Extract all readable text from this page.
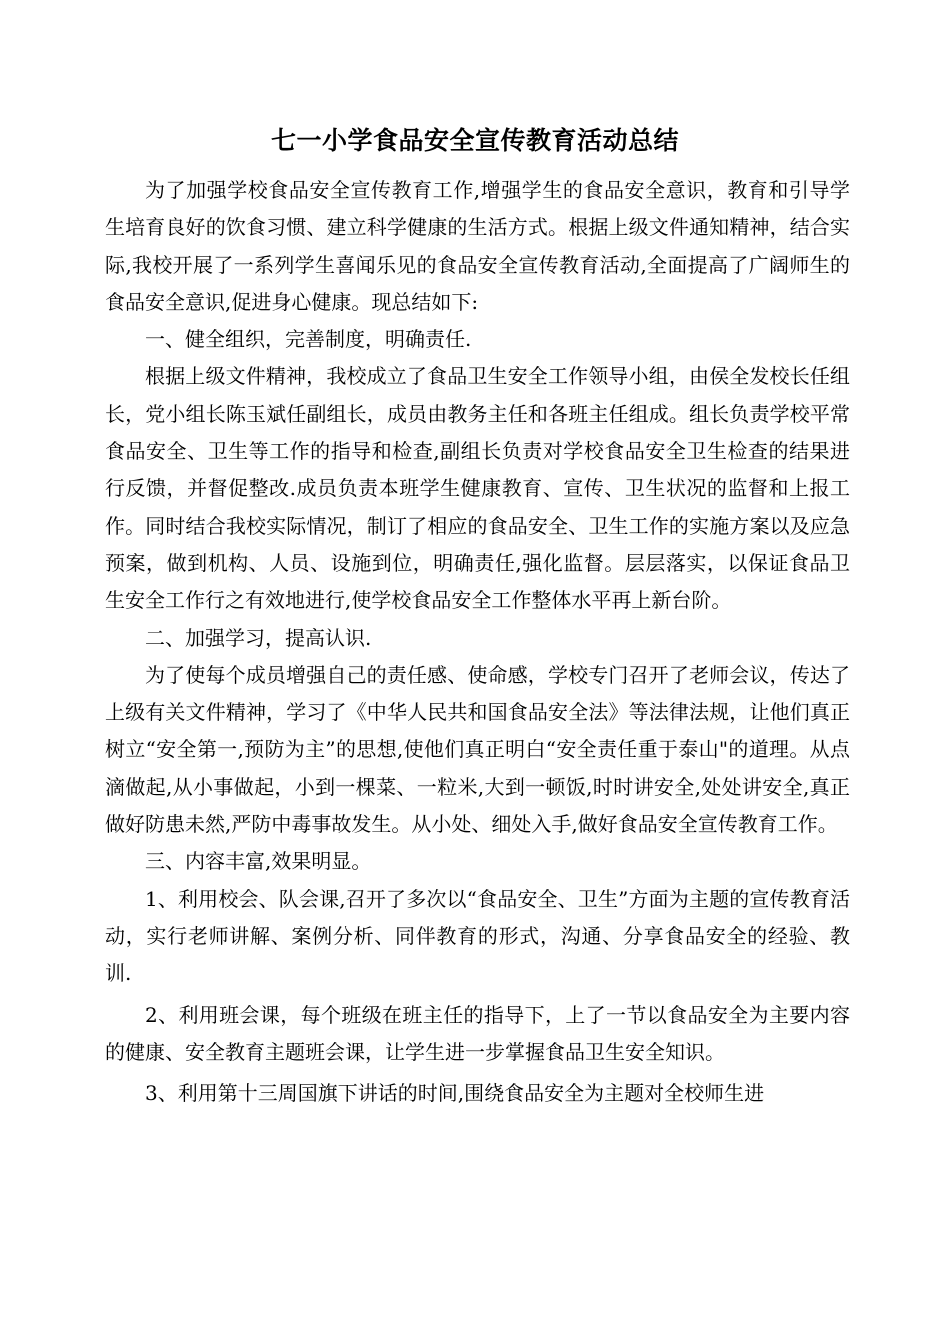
七一小学食品安全宣传教育活动总结

为了加强学校食品安全宣传教育工作,增强学生的食品安全意识，教育和引导学生培育良好的饮食习惯、建立科学健康的生活方式。根据上级文件通知精神，结合实际,我校开展了一系列学生喜闻乐见的食品安全宣传教育活动,全面提高了广阔师生的食品安全意识,促进身心健康。现总结如下:

一、健全组织，完善制度，明确责任.

根据上级文件精神，我校成立了食品卫生安全工作领导小组，由侯全发校长任组长，党小组长陈玉斌任副组长，成员由教务主任和各班主任组成。组长负责学校平常食品安全、卫生等工作的指导和检查,副组长负责对学校食品安全卫生检查的结果进行反馈，并督促整改.成员负责本班学生健康教育、宣传、卫生状况的监督和上报工作。同时结合我校实际情况，制订了相应的食品安全、卫生工作的实施方案以及应急预案，做到机构、人员、设施到位，明确责任,强化监督。层层落实，以保证食品卫生安全工作行之有效地进行,使学校食品安全工作整体水平再上新台阶。

二、加强学习，提高认识.

为了使每个成员增强自己的责任感、使命感，学校专门召开了老师会议，传达了上级有关文件精神，学习了《中华人民共和国食品安全法》等法律法规，让他们真正树立“安全第一,预防为主”的思想,使他们真正明白“安全责任重于泰山"的道理。从点滴做起,从小事做起，小到一棵菜、一粒米,大到一顿饭,时时讲安全,处处讲安全,真正做好防患未然,严防中毒事故发生。从小处、细处入手,做好食品安全宣传教育工作。

三、内容丰富,效果明显。

1、利用校会、队会课,召开了多次以“食品安全、卫生”方面为主题的宣传教育活动，实行老师讲解、案例分析、同伴教育的形式，沟通、分享食品安全的经验、教训.

2、利用班会课，每个班级在班主任的指导下，上了一节以食品安全为主要内容的健康、安全教育主题班会课，让学生进一步掌握食品卫生安全知识。

3、利用第十三周国旗下讲话的时间,围绕食品安全为主题对全校师生进
